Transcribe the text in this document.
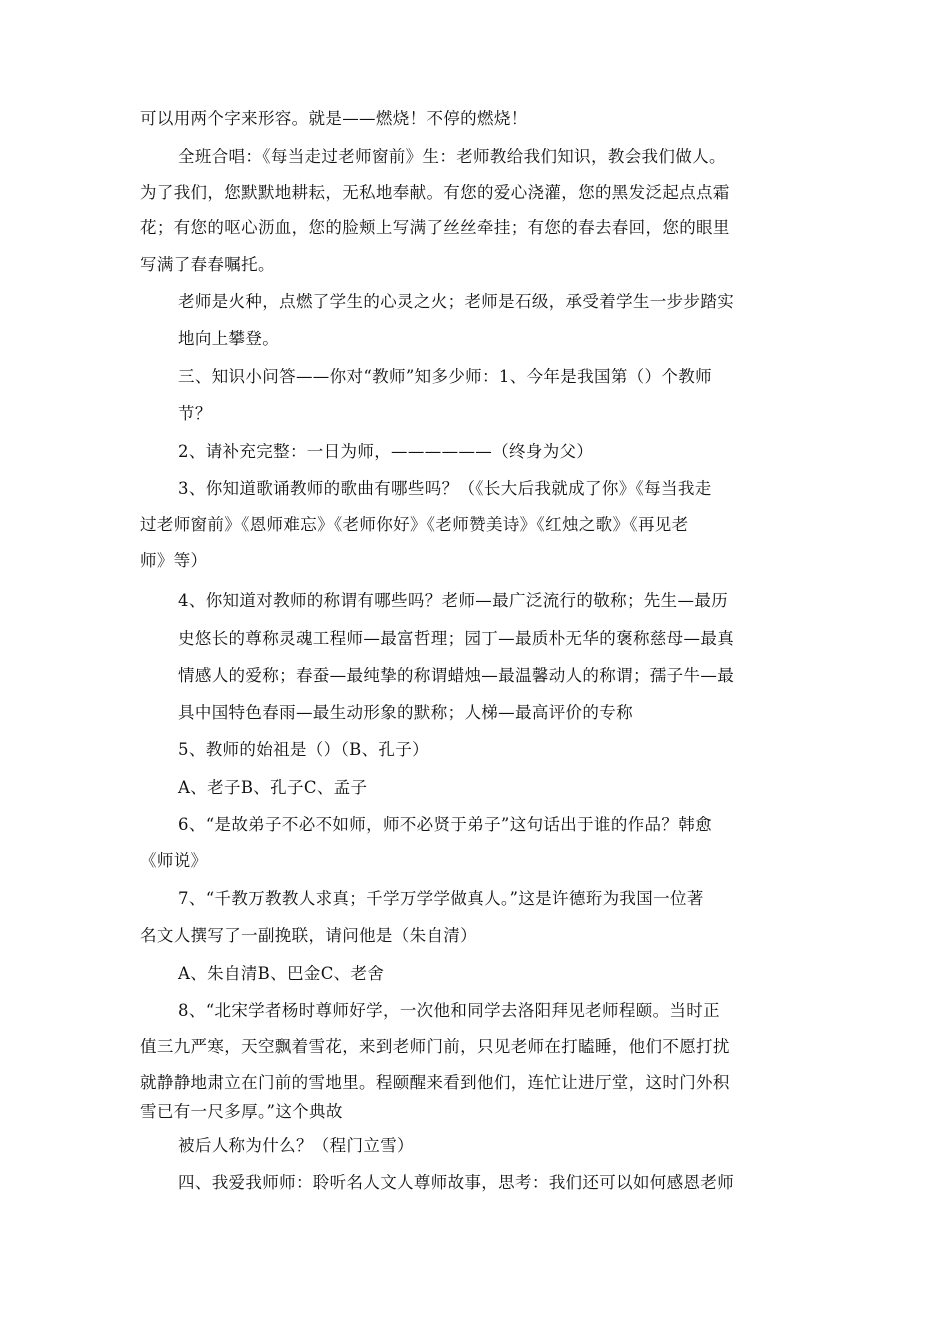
可以用两个字来形容。就是——燃烧！不停的燃烧！
全班合唱：《每当走过老师窗前》生：老师教给我们知识，教会我们做人。
为了我们，您默默地耕耘，无私地奉献。有您的爱心浇灌，您的黑发泛起点点霜
花；有您的呕心沥血，您的脸颊上写满了丝丝牵挂；有您的春去春回，您的眼里
写满了春春嘱托。
老师是火种，点燃了学生的心灵之火；老师是石级，承受着学生一步步踏实
地向上攀登。
三、知识小问答——你对“教师”知多少师：1、今年是我国第（）个教师
节？
2、请补充完整：一日为师，——————（终身为父）
3、你知道歌诵教师的歌曲有哪些吗？（《长大后我就成了你》《每当我走
过老师窗前》《恩师难忘》《老师你好》《老师赞美诗》《红烛之歌》《再见老
师》等）
4、你知道对教师的称谓有哪些吗？老师—最广泛流行的敬称；先生—最历
史悠长的尊称灵魂工程师—最富哲理；园丁—最质朴无华的褒称慈母—最真
情感人的爱称；春蚕—最纯挚的称谓蜡烛—最温馨动人的称谓；孺子牛—最
具中国特色春雨—最生动形象的默称；人梯—最高评价的专称
5、教师的始祖是（）（B、孔子）
A、老子B、孔子C、孟子
6、“是故弟子不必不如师，师不必贤于弟子”这句话出于谁的作品？韩愈
《师说》
7、“千教万教教人求真；千学万学学做真人。”这是许德珩为我国一位著
名文人撰写了一副挽联，请问他是（朱自清）
A、朱自清B、巴金C、老舍
8、“北宋学者杨时尊师好学，一次他和同学去洛阳拜见老师程颐。当时正
值三九严寒，天空飘着雪花，来到老师门前，只见老师在打瞌睡，他们不愿打扰
就静静地肃立在门前的雪地里。程颐醒来看到他们，连忙让进厅堂，这时门外积
雪已有一尺多厚。”这个典故
被后人称为什么？（程门立雪）
四、我爱我师师：聆听名人文人尊师故事，思考：我们还可以如何感恩老师
